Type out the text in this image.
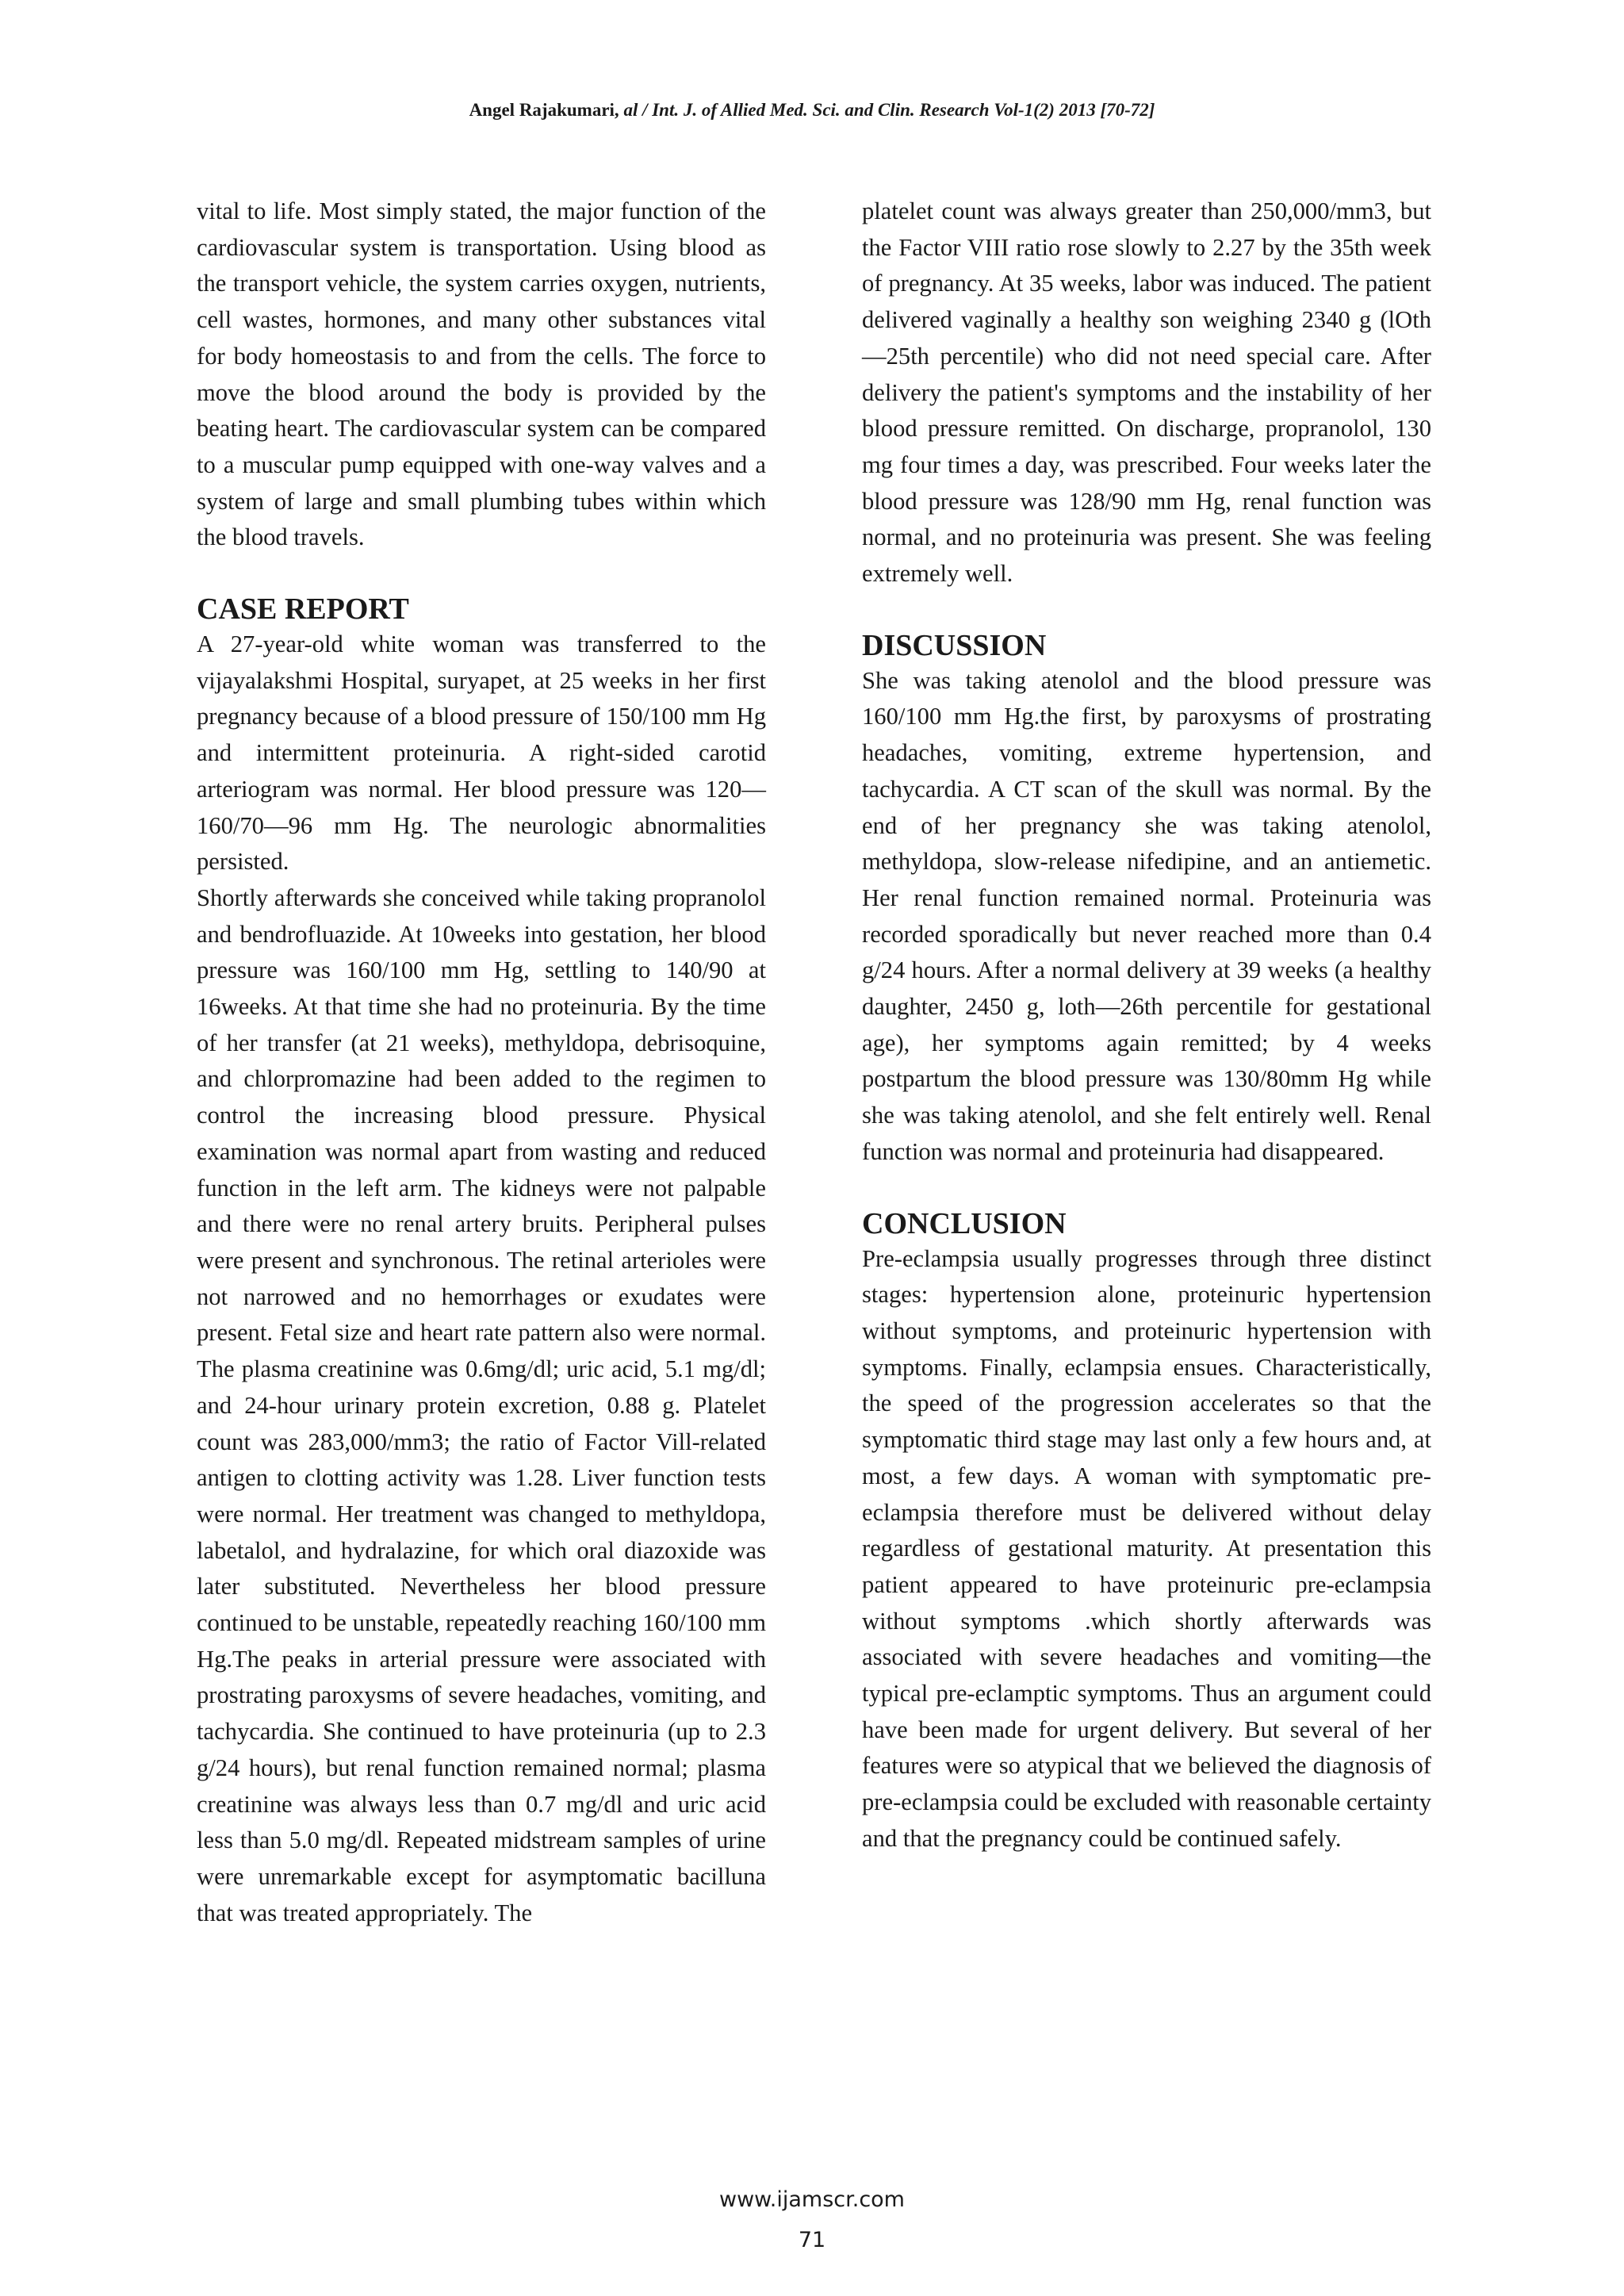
Angel Rajakumari, al / Int. J. of Allied Med. Sci. and Clin. Research Vol-1(2) 2013 [70-72]

vital to life. Most simply stated, the major function of the cardiovascular system is transportation. Using blood as the transport vehicle, the system carries oxygen, nutrients, cell wastes, hormones, and many other substances vital for body homeostasis to and from the cells. The force to move the blood around the body is provided by the beating heart. The cardiovascular system can be compared to a muscular pump equipped with one-way valves and a system of large and small plumbing tubes within which the blood travels.

CASE REPORT

A 27-year-old white woman was transferred to the vijayalakshmi Hospital, suryapet, at 25 weeks in her first pregnancy because of a blood pressure of 150/100 mm Hg and intermittent proteinuria. A right-sided carotid arteriogram was normal. Her blood pressure was 120—160/70—96 mm Hg. The neurologic abnormalities persisted.

Shortly afterwards she conceived while taking propranolol and bendrofluazide. At 10weeks into gestation, her blood pressure was 160/100 mm Hg, settling to 140/90 at 16weeks. At that time she had no proteinuria. By the time of her transfer (at 21 weeks), methyldopa, debrisoquine, and chlorpromazine had been added to the regimen to control the increasing blood pressure. Physical examination was normal apart from wasting and reduced function in the left arm. The kidneys were not palpable and there were no renal artery bruits. Peripheral pulses were present and synchronous. The retinal arterioles were not narrowed and no hemorrhages or exudates were present. Fetal size and heart rate pattern also were normal. The plasma creatinine was 0.6mg/dl; uric acid, 5.1 mg/dl; and 24-hour urinary protein excretion, 0.88 g. Platelet count was 283,000/mm3; the ratio of Factor Vill-related antigen to clotting activity was 1.28. Liver function tests were normal. Her treatment was changed to methyldopa, labetalol, and hydralazine, for which oral diazoxide was later substituted. Nevertheless her blood pressure continued to be unstable, repeatedly reaching 160/100 mm Hg.The peaks in arterial pressure were associated with prostrating paroxysms of severe headaches, vomiting, and tachycardia. She continued to have proteinuria (up to 2.3 g/24 hours), but renal function remained normal; plasma creatinine was always less than 0.7 mg/dl and uric acid less than 5.0 mg/dl. Repeated midstream samples of urine were unremarkable except for asymptomatic bacilluna that was treated appropriately. The

platelet count was always greater than 250,000/mm3, but the Factor VIII ratio rose slowly to 2.27 by the 35th week of pregnancy. At 35 weeks, labor was induced. The patient delivered vaginally a healthy son weighing 2340 g (lOth—25th percentile) who did not need special care. After delivery the patient's symptoms and the instability of her blood pressure remitted. On discharge, propranolol, 130 mg four times a day, was prescribed. Four weeks later the blood pressure was 128/90 mm Hg, renal function was normal, and no proteinuria was present. She was feeling extremely well.

DISCUSSION

She was taking atenolol and the blood pressure was 160/100 mm Hg.the first, by paroxysms of prostrating headaches, vomiting, extreme hypertension, and tachycardia. A CT scan of the skull was normal. By the end of her pregnancy she was taking atenolol, methyldopa, slow-release nifedipine, and an antiemetic. Her renal function remained normal. Proteinuria was recorded sporadically but never reached more than 0.4 g/24 hours. After a normal delivery at 39 weeks (a healthy daughter, 2450 g, loth—26th percentile for gestational age), her symptoms again remitted; by 4 weeks postpartum the blood pressure was 130/80mm Hg while she was taking atenolol, and she felt entirely well. Renal function was normal and proteinuria had disappeared.

CONCLUSION

Pre-eclampsia usually progresses through three distinct stages: hypertension alone, proteinuric hypertension without symptoms, and proteinuric hypertension with symptoms. Finally, eclampsia ensues. Characteristically, the speed of the progression accelerates so that the symptomatic third stage may last only a few hours and, at most, a few days. A woman with symptomatic pre-eclampsia therefore must be delivered without delay regardless of gestational maturity. At presentation this patient appeared to have proteinuric pre-eclampsia without symptoms .which shortly afterwards was associated with severe headaches and vomiting—the typical pre-eclamptic symptoms. Thus an argument could have been made for urgent delivery. But several of her features were so atypical that we believed the diagnosis of pre-eclampsia could be excluded with reasonable certainty and that the pregnancy could be continued safely.

www.ijamscr.com
71
